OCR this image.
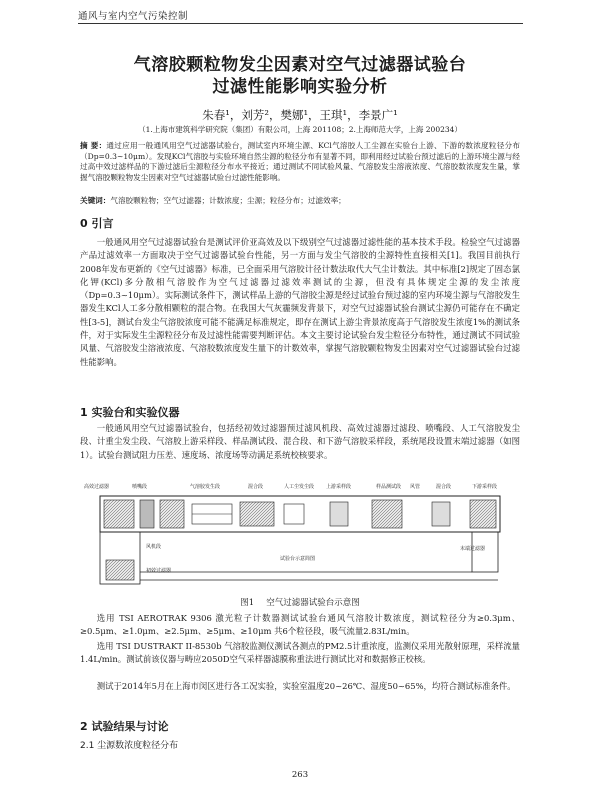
通风与室内空气污染控制
气溶胶颗粒物发尘因素对空气过滤器试验台
过滤性能影响实验分析
朱春¹，刘芳²，樊娜¹，王琪¹，李景广¹
（1.上海市建筑科学研究院（集团）有限公司，上海 201108；2.上海师范大学，上海 200234）
摘 要：通过应用一般通风用空气过滤器试验台，测试室内环境尘源、KCl气溶胶人工尘源在实验台上游、下游的数浓度粒径分布（Dp=0.3~10μm）。发现KCl气溶胶与实验环境自然尘源的粒径分布有显著不同，即利用经过试验台预过滤后的上游环境尘源与经过高中效过滤样品的下游过滤后尘源粒径分布水平接近；通过测试不同试验风量、气溶胶发尘溶液浓度、气溶胶数浓度发生量，掌握气溶胶颗粒物发尘因素对空气过滤器试验台过滤性能影响。
关键词：气溶胶颗粒物；空气过滤器；计数浓度；尘源；粒径分布；过滤效率；
0 引言
一般通风用空气过滤器试验台是测试评价亚高效及以下级别空气过滤器过滤性能的基本技术手段。检验空气过滤器产品过滤效率一方面取决于空气过滤器试验台性能，另一方面与发尘气溶胶的尘源特性直接相关[1]。我国目前执行2008年发布更新的《空气过滤器》标准，已全面采用气溶胶计径计数法取代大气尘计数法。其中标准[2]规定了固态氯化钾(KCl)多分散相气溶胶作为空气过滤器过滤效率测试的尘源，但没有具体规定尘源的发尘浓度（Dp=0.3~10μm）。实际测试条件下，测试样品上游的气溶胶尘源是经过试验台预过滤的室内环境尘源与气溶胶发生器发生KCl人工多分散相颗粒的混合物。在我国大气灰霾频发背景下，对空气过滤器试验台测试尘源仍可能存在不确定性[3-5]，测试台发尘气溶胶浓度可能不能满足标准规定，即存在测试上游尘背景浓度高于气溶胶发生浓度1%的测试条件，对于实际发生尘源粒径分布及过滤性能需要判断评估。本文主要讨论试验台发尘粒径分布特性，通过测试不同试验风量、气溶胶发尘溶液浓度、气溶胶数浓度发生量下的计数效率，掌握气溶胶颗粒物发尘因素对空气过滤器试验台过滤性能影响。
1 实验台和实验仪器
一般通风用空气过滤器试验台，包括经初效过滤器预过滤风机段、高效过滤器过滤段、喷嘴段、人工气溶胶发尘段、计重尘发尘段、气溶胶上游采样段、样品测试段、混合段、和下游气溶胶采样段，系统尾段设置末端过滤器（如图1）。试验台测试阻力压差、速度场、浓度场等动满足系统校核要求。
高效过滤器	喷嘴段	气溶胶发生段	混合段	人工尘发尘段 上游采样段	样品测试段 风管	混合段	下游采样段
末端过滤器
风机段
初效过滤器
试验台示意简图
图1 空气过滤器试验台示意图
选用 TSI AEROTRAK 9306 激光粒子计数器测试试验台通风气溶胶计数浓度，测试粒径分为≥0.3μm、≥0.5μm、≥1.0μm、≥2.5μm、≥5μm、≥10μm 共6个粒径段，吸气流量2.83L/min。
选用 TSI DUSTRAKT II-8530b 气溶胶监测仪测试各测点的PM2.5计重浓度，监测仪采用光散射原理，采样流量1.4L/min。测试前该仪器与畴应2050D空气采样器滤膜称重法进行测试比对和数据修正校核。
测试于2014年5月在上海市闵区进行各工况实验，实验室温度20~26℃、湿度50~65%，均符合测试标准条件。
2 试验结果与讨论
2.1 尘源数浓度粒径分布
263
